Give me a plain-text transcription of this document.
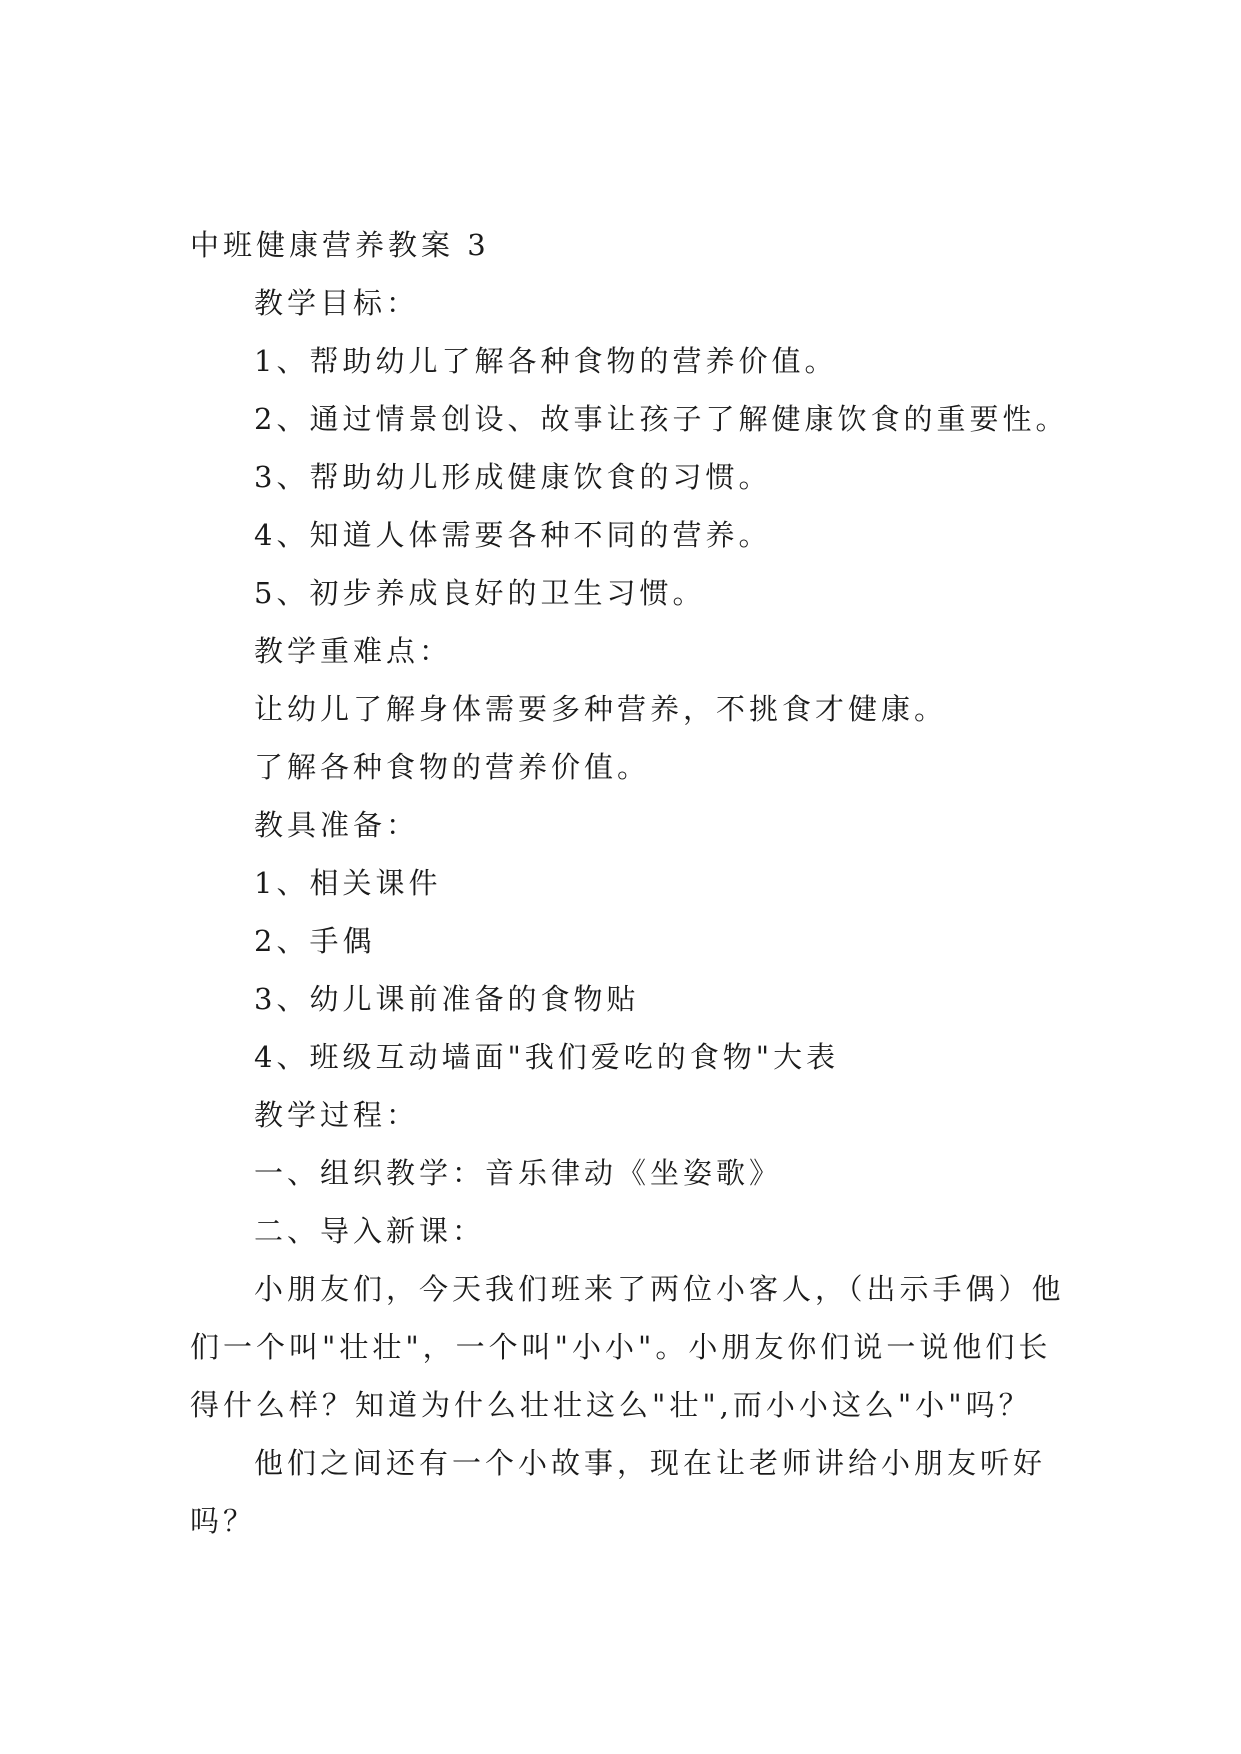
中班健康营养教案 3
教学目标：
1、帮助幼儿了解各种食物的营养价值。
2、通过情景创设、故事让孩子了解健康饮食的重要性。
3、帮助幼儿形成健康饮食的习惯。
4、知道人体需要各种不同的营养。
5、初步养成良好的卫生习惯。
教学重难点：
让幼儿了解身体需要多种营养，不挑食才健康。
了解各种食物的营养价值。
教具准备：
1、相关课件
2、手偶
3、幼儿课前准备的食物贴
4、班级互动墙面"我们爱吃的食物"大表
教学过程：
一、组织教学：音乐律动《坐姿歌》
二、导入新课：
小朋友们，今天我们班来了两位小客人，（出示手偶）他们一个叫"壮壮"，一个叫"小小"。小朋友你们说一说他们长得什么样？知道为什么壮壮这么"壮",而小小这么"小"吗？
他们之间还有一个小故事，现在让老师讲给小朋友听好吗？
